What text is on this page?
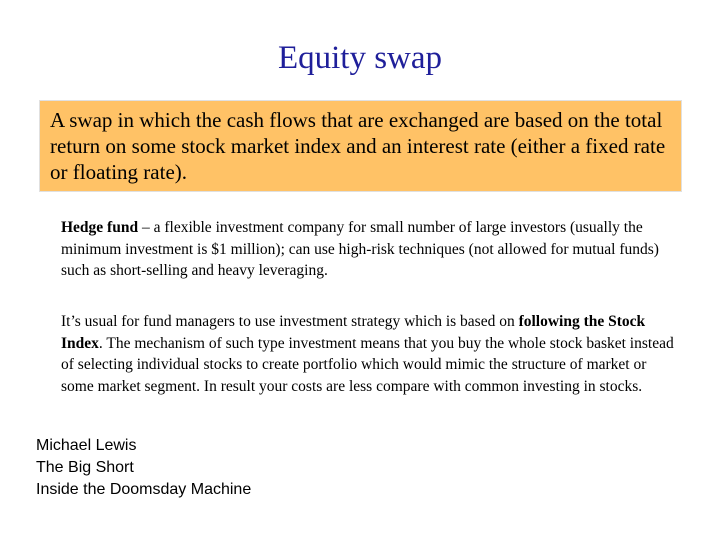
Equity swap
A swap in which the cash flows that are exchanged are based on the total return on some stock market index and an interest rate (either a fixed rate or floating rate).

Hedge fund – a flexible investment company for small number of large investors (usually the minimum investment is $1 million); can use high-risk techniques (not allowed for mutual funds) such as short-selling and heavy leveraging.

It’s usual for fund managers to use investment strategy which is based on following the Stock Index. The mechanism of such type investment means that you buy the whole stock basket instead of selecting individual stocks to create portfolio which would mimic the structure of market or some market segment. In result your costs are less compare with common investing in stocks.

Michael Lewis
The Big Short
Inside the Doomsday Machine
